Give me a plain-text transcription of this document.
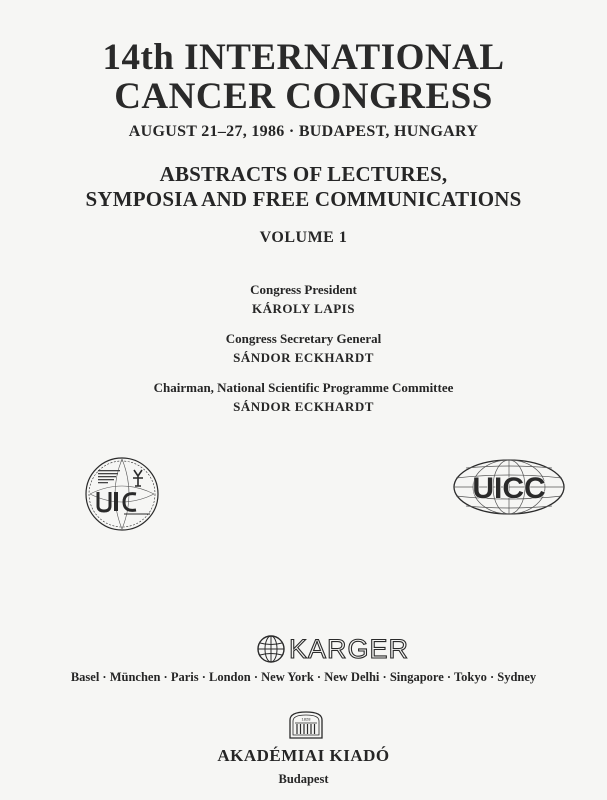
14th INTERNATIONAL
CANCER CONGRESS
AUGUST 21–27, 1986 · BUDAPEST, HUNGARY
ABSTRACTS OF LECTURES,
SYMPOSIA AND FREE COMMUNICATIONS
VOLUME 1
Congress President
KÁROLY LAPIS
Congress Secretary General
SÁNDOR ECKHARDT
Chairman, National Scientific Programme Committee
SÁNDOR ECKHARDT
UICC
KARGER
Basel · München · Paris · London · New York · New Delhi · Singapore · Tokyo · Sydney
1828
AKADÉMIAI KIADÓ
Budapest
